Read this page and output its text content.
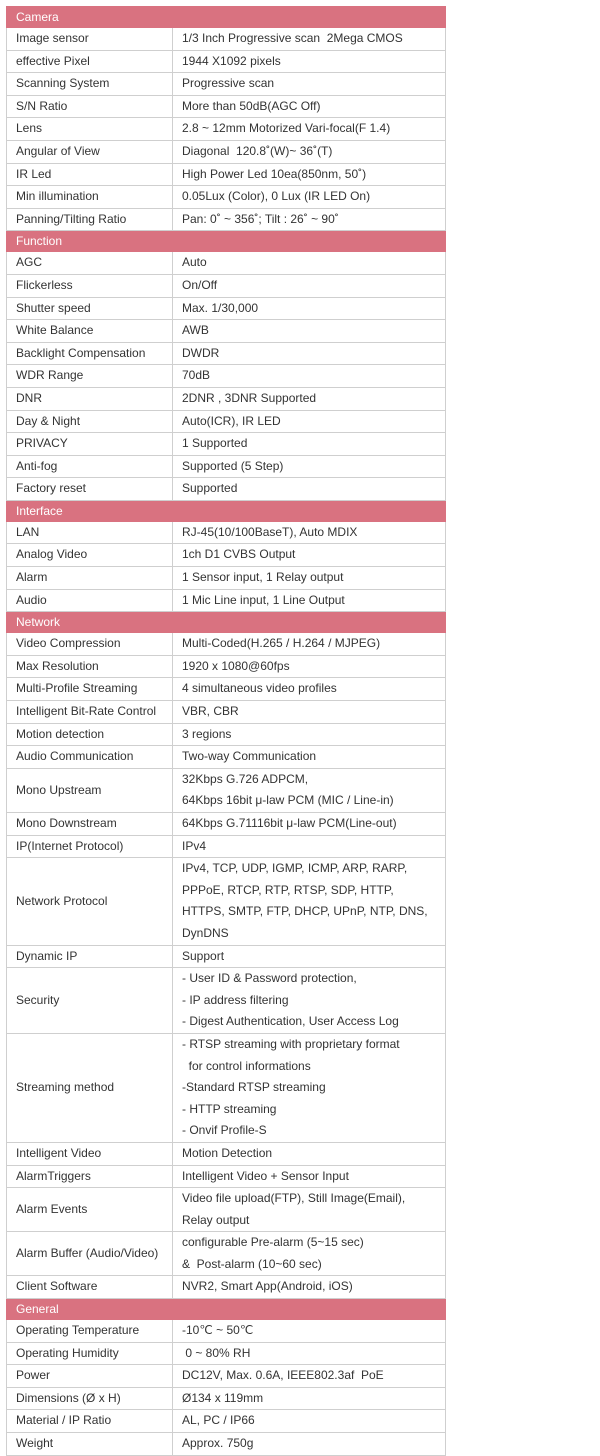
Camera	
Image sensor	1/3 Inch Progressive scan  2Mega CMOS

effective Pixel	1944 X1092 pixels

Scanning System	Progressive scan

S/N Ratio	More than 50dB(AGC Off)

Lens	2.8 ~ 12mm Motorized Vari-focal(F 1.4)

Angular of View	Diagonal  120.8˚(W)~ 36˚(T)

IR Led	High Power Led 10ea(850nm, 50˚)

Min illumination	0.05Lux (Color), 0 Lux (IR LED On)

Panning/Tilting Ratio	Pan: 0˚ ~ 356˚; Tilt : 26˚ ~ 90˚

Function	
AGC	Auto

Flickerless	On/Off

Shutter speed	Max. 1/30,000

White Balance	AWB

Backlight Compensation	DWDR

WDR Range	70dB

DNR	2DNR , 3DNR Supported

Day & Night	Auto(ICR), IR LED

PRIVACY	1 Supported

Anti-fog	Supported (5 Step)

Factory reset	Supported

Interface	
LAN	RJ-45(10/100BaseT), Auto MDIX

Analog Video	1ch D1 CVBS Output

Alarm	1 Sensor input, 1 Relay output

Audio	1 Mic Line input, 1 Line Output

Network	
Video Compression	Multi-Coded(H.265 / H.264 / MJPEG)

Max Resolution	1920 x 1080@60fps

Multi-Profile Streaming	4 simultaneous video profiles

Intelligent Bit-Rate Control	VBR, CBR

Motion detection	3 regions

Audio Communication	Two-way Communication

Mono Upstream	32Kbps G.726 ADPCM,
64Kbps 16bit μ-law PCM (MIC / Line-in)

Mono Downstream	64Kbps G.71116bit μ-law PCM(Line-out)

IP(Internet Protocol)	IPv4

Network Protocol	IPv4, TCP, UDP, IGMP, ICMP, ARP, RARP,
PPPoE, RTCP, RTP, RTSP, SDP, HTTP,
HTTPS, SMTP, FTP, DHCP, UPnP, NTP, DNS,
DynDNS

Dynamic IP	Support

Security	- User ID & Password protection,
- IP address filtering
- Digest Authentication, User Access Log

Streaming method	- RTSP streaming with proprietary format
for control informations
-Standard RTSP streaming
- HTTP streaming
- Onvif Profile-S

Intelligent Video	Motion Detection

AlarmTriggers	Intelligent Video + Sensor Input

Alarm Events	Video file upload(FTP), Still Image(Email),
Relay output

Alarm Buffer (Audio/Video)	configurable Pre-alarm (5~15 sec)
&  Post-alarm (10~60 sec)

Client Software	NVR2, Smart App(Android, iOS)

General	
Operating Temperature	-10℃ ~ 50℃

Operating Humidity	0 ~ 80% RH

Power	DC12V, Max. 0.6A, IEEE802.3af  PoE

Dimensions (Ø x H)	Ø134 x 119mm

Material / IP Ratio	AL, PC / IP66

Weight	Approx. 750g
